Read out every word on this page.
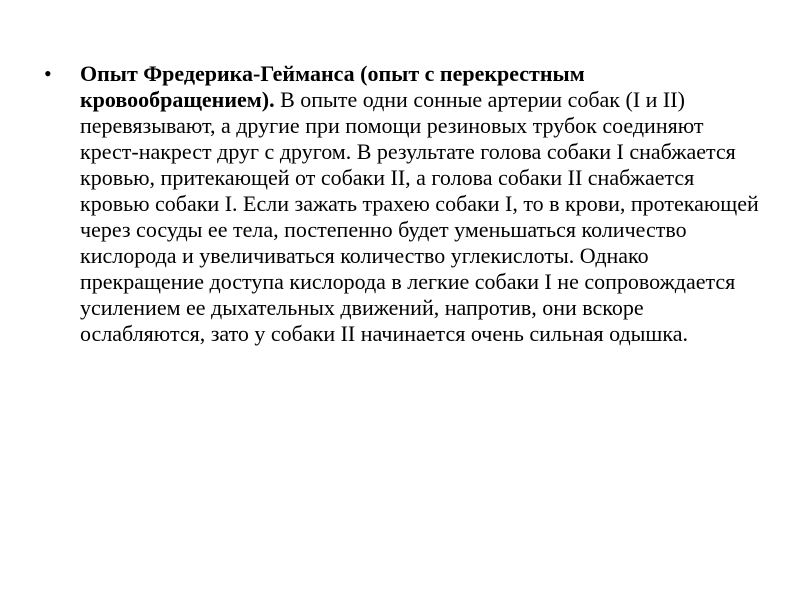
•	Опыт Фредерика-Гейманса (опыт с перекрестным кровообращением). В опыте одни сонные артерии собак (I и II) перевязывают, а другие при помощи резиновых трубок соединяют крест-накрест друг с другом. В результате голова собаки I снабжается кровью, притекающей от собаки II, а голова собаки II снабжается кровью собаки I. Если зажать трахею собаки I, то в крови, протекающей через сосуды ее тела, постепенно будет уменьшаться количество кислорода и увеличиваться количество углекислоты. Однако прекращение доступа кислорода в легкие собаки I не сопровождается усилением ее дыхательных движений, напротив, они вскоре ослабляются, зато у собаки II начинается очень сильная одышка.
